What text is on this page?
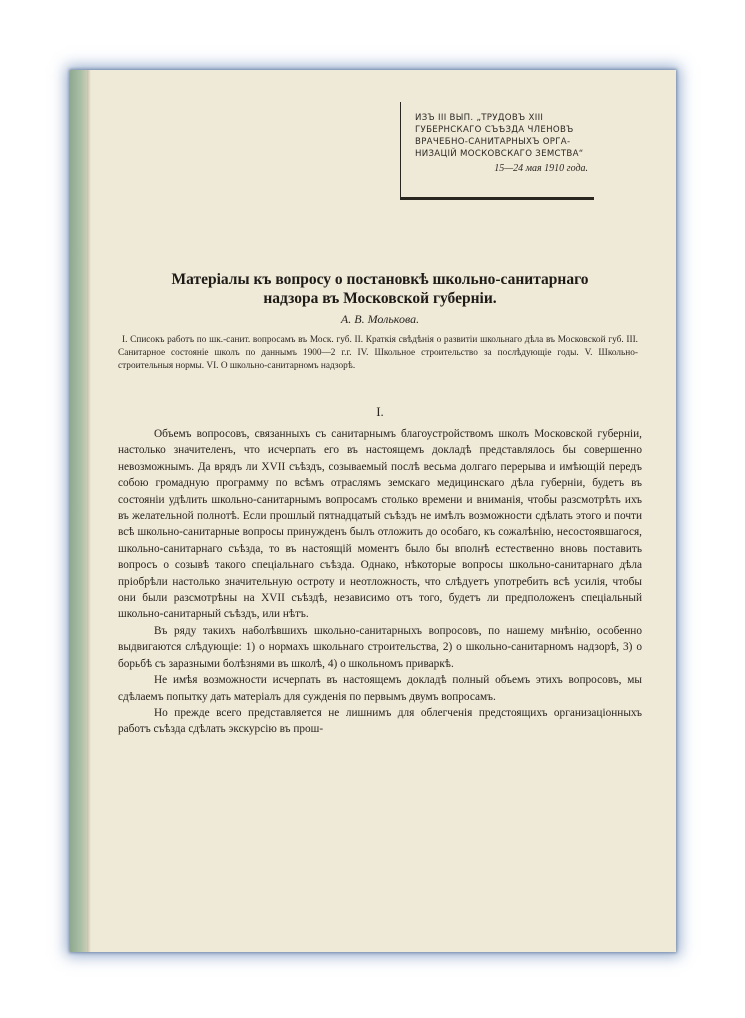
ИЗЪ III ВЫП. „ТРУДОВЪ XIII
ГУБЕРНСКАГО СЪѢЗДА ЧЛЕНОВЪ
ВРАЧЕБНО-САНИТАРНЫХЪ ОРГА-
НИЗАЦIЙ МОСКОВСКАГО ЗЕМСТВА“
15—24 мая 1910 года.
Матерiалы къ вопросу о постановкѣ школьно-санитарнаго
надзора въ Московской губернiи.
А. В. Молькова.
I. Списокъ работъ по шк.-санит. вопросамъ въ Моск. губ. II. Краткiя свѣдѣнiя о развитiи школьнаго дѣла въ Московской губ. III. Санитарное состоянiе школъ по даннымъ 1900—2 г.г. IV. Школьное строительство за послѣдующiе годы. V. Школьно-строительныя нормы. VI. О школьно-санитарномъ надзорѣ.
I.

Объемъ вопросовъ, связанныхъ съ санитарнымъ благоустройствомъ школъ Московской губернiи, настолько значителенъ, что исчерпать его въ настоящемъ докладѣ представлялось бы совершенно невозможнымъ. Да врядъ ли XVII съѣздъ, созываемый послѣ весьма долгаго перерыва и имѣющiй передъ собою громадную программу по всѣмъ отраслямъ земскаго медицинскаго дѣла губернiи, будетъ въ состоянiи удѣлить школьно-санитарнымъ вопросамъ столько времени и вниманiя, чтобы разсмотрѣть ихъ въ желательной полнотѣ. Если прошлый пятнадцатый съѣздъ не имѣлъ возможности сдѣлать этого и почти всѣ школьно-санитарные вопросы принужденъ былъ отложить до особаго, къ сожалѣнiю, несостоявшагося, школьно-санитарнаго съѣзда, то въ настоящiй моментъ было бы вполнѣ естественно вновь поставить вопросъ о созывѣ такого спецiальнаго съѣзда. Однако, нѣкоторые вопросы школьно-санитарнаго дѣла прiобрѣли настолько значительную остроту и неотложность, что слѣдуетъ употребить всѣ усилiя, чтобы они были разсмотрѣны на XVII съѣздѣ, независимо отъ того, будетъ ли предположенъ спецiальный школьно-санитарный съѣздъ, или нѣтъ.

Въ ряду такихъ наболѣвшихъ школьно-санитарныхъ вопросовъ, по нашему мнѣнiю, особенно выдвигаются слѣдующiе: 1) о нормахъ школьнаго строительства, 2) о школьно-санитарномъ надзорѣ, 3) о борьбѣ съ заразными болѣзнями въ школѣ, 4) о школьномъ приваркѣ.

Не имѣя возможности исчерпать въ настоящемъ докладѣ полный объемъ этихъ вопросовъ, мы сдѣлаемъ попытку дать матерiалъ для сужденiя по первымъ двумъ вопросамъ.

Но прежде всего представляется не лишнимъ для облегченiя предстоящихъ организацiонныхъ работъ съѣзда сдѣлать экскурсiю въ прош-
